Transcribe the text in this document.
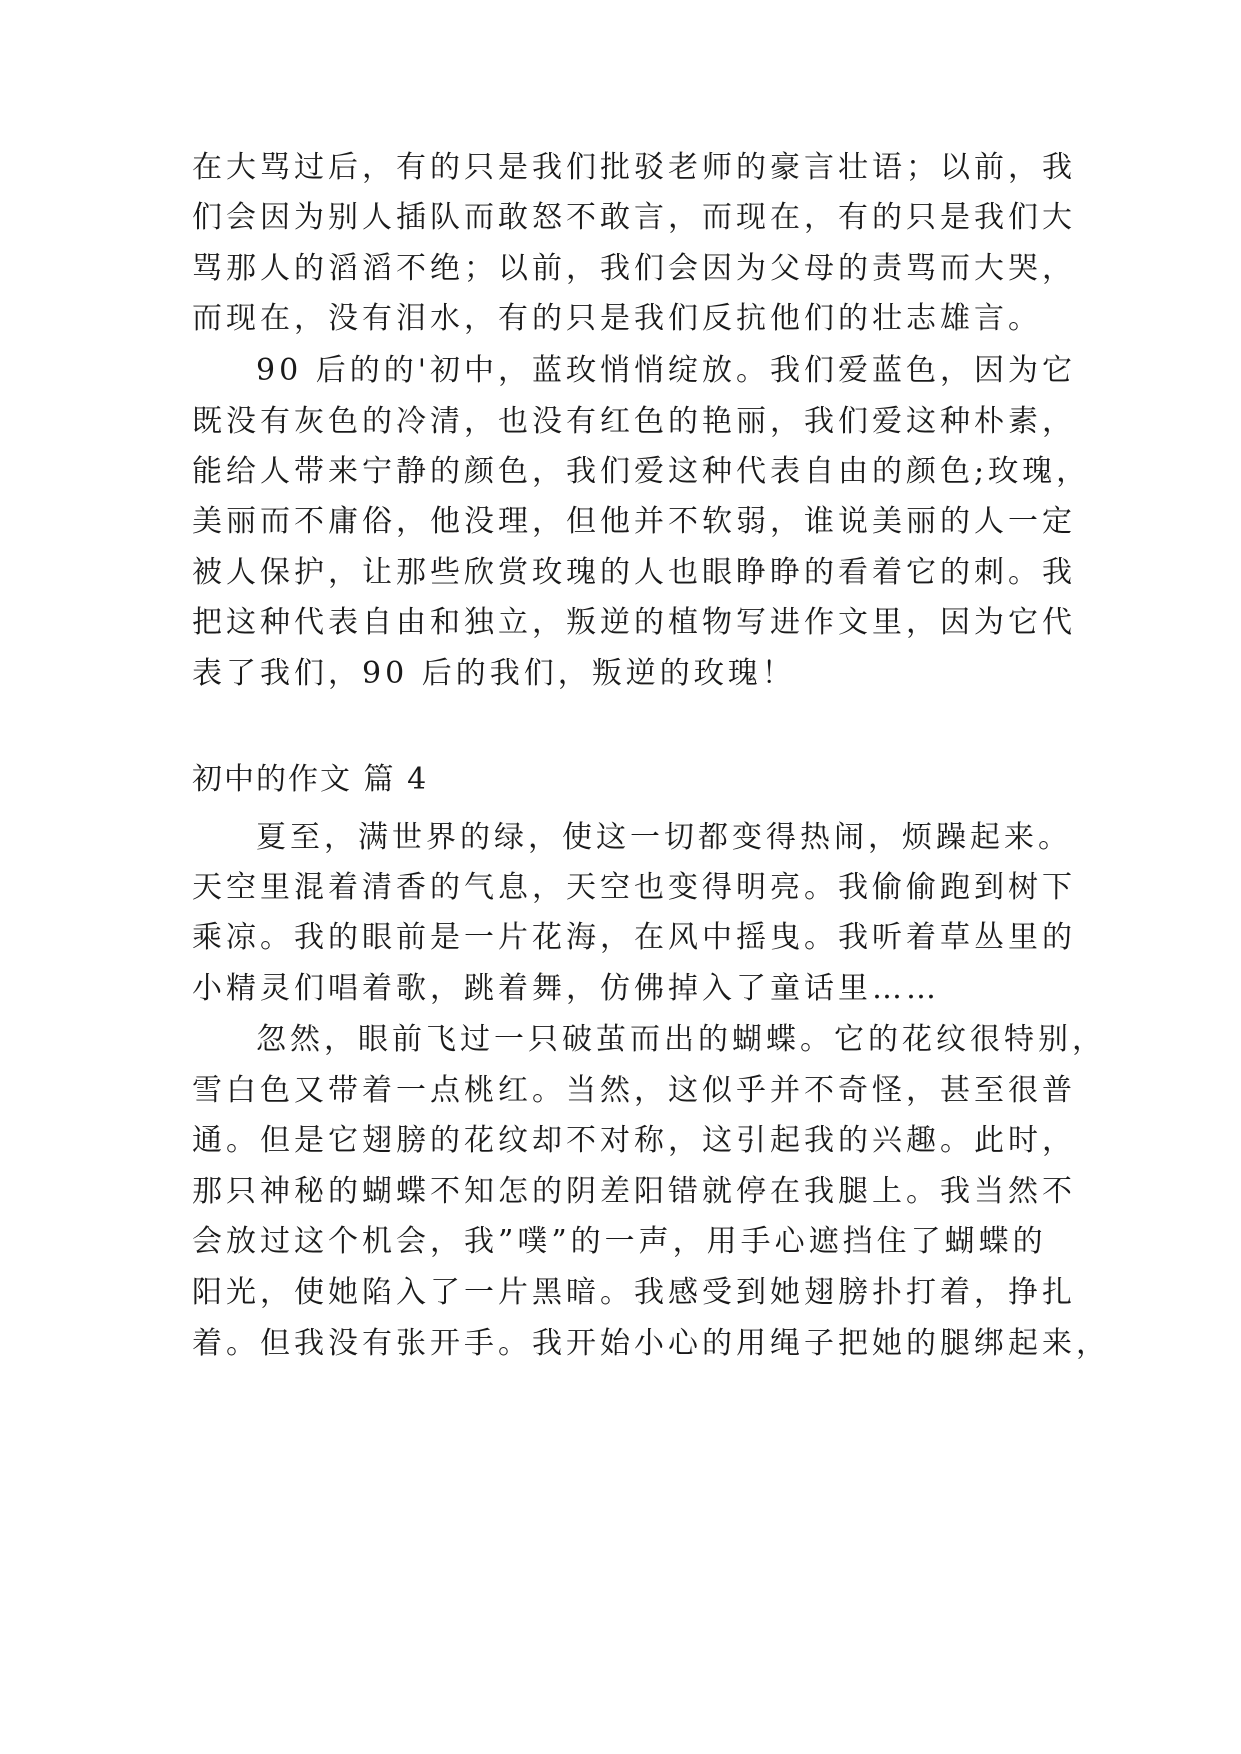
在大骂过后，有的只是我们批驳老师的豪言壮语；以前，我
们会因为别人插队而敢怒不敢言，而现在，有的只是我们大
骂那人的滔滔不绝；以前，我们会因为父母的责骂而大哭，
而现在，没有泪水，有的只是我们反抗他们的壮志雄言。
90 后的的'初中，蓝玫悄悄绽放。我们爱蓝色，因为它
既没有灰色的冷清，也没有红色的艳丽，我们爱这种朴素，
能给人带来宁静的颜色，我们爱这种代表自由的颜色;玫瑰，
美丽而不庸俗，他没理，但他并不软弱，谁说美丽的人一定
被人保护，让那些欣赏玫瑰的人也眼睁睁的看着它的刺。我
把这种代表自由和独立，叛逆的植物写进作文里，因为它代
表了我们，90 后的我们，叛逆的玫瑰！
初中的作文 篇 4
夏至，满世界的绿，使这一切都变得热闹，烦躁起来。
天空里混着清香的气息，天空也变得明亮。我偷偷跑到树下
乘凉。我的眼前是一片花海，在风中摇曳。我听着草丛里的
小精灵们唱着歌，跳着舞，仿佛掉入了童话里……
忽然，眼前飞过一只破茧而出的蝴蝶。它的花纹很特别，
雪白色又带着一点桃红。当然，这似乎并不奇怪，甚至很普
通。但是它翅膀的花纹却不对称，这引起我的兴趣。此时，
那只神秘的蝴蝶不知怎的阴差阳错就停在我腿上。我当然不
会放过这个机会，我”噗”的一声，用手心遮挡住了蝴蝶的
阳光，使她陷入了一片黑暗。我感受到她翅膀扑打着，挣扎
着。但我没有张开手。我开始小心的用绳子把她的腿绑起来，
